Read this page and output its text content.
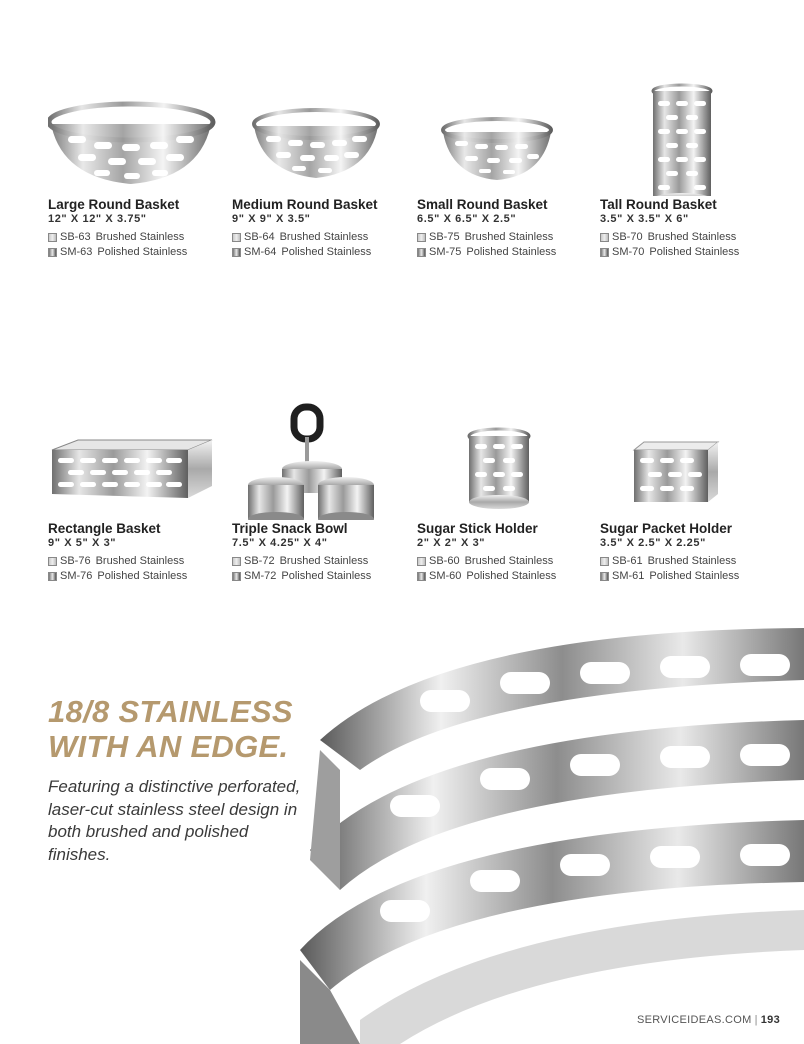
Large Round Basket
12" X 12" X 3.75"
SB-63 Brushed Stainless
SM-63 Polished Stainless
Medium Round Basket
9" X 9" X 3.5"
SB-64 Brushed Stainless
SM-64 Polished Stainless
Small Round Basket
6.5" X 6.5" X 2.5"
SB-75 Brushed Stainless
SM-75 Polished Stainless
Tall Round Basket
3.5" X 3.5" X 6"
SB-70 Brushed Stainless
SM-70 Polished Stainless
Rectangle Basket
9" X 5" X 3"
SB-76 Brushed Stainless
SM-76 Polished Stainless
Triple Snack Bowl
7.5" X 4.25" X 4"
SB-72 Brushed Stainless
SM-72 Polished Stainless
Sugar Stick Holder
2" X 2" X 3"
SB-60 Brushed Stainless
SM-60 Polished Stainless
Sugar Packet Holder
3.5" X 2.5" X 2.25"
SB-61 Brushed Stainless
SM-61 Polished Stainless
18/8 STAINLESS
WITH AN EDGE.

Featuring a distinctive perforated, laser-cut stainless steel design in both brushed and polished finishes.

SERVICEIDEAS.COM | 193
